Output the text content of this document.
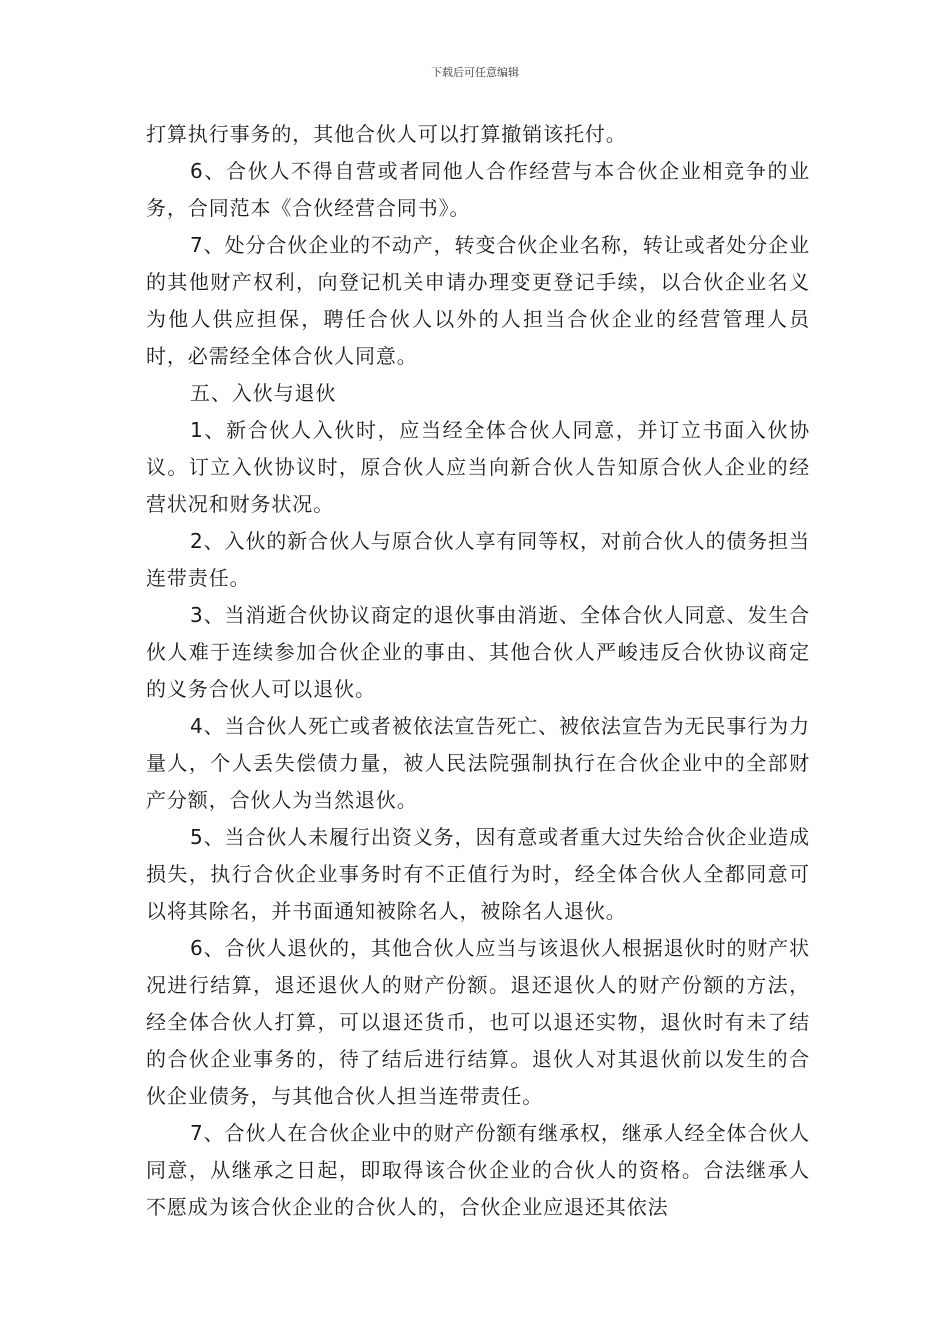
下载后可任意编辑

打算执行事务的，其他合伙人可以打算撤销该托付。

6、合伙人不得自营或者同他人合作经营与本合伙企业相竞争的业务，合同范本《合伙经营合同书》。

7、处分合伙企业的不动产，转变合伙企业名称，转让或者处分企业的其他财产权利，向登记机关申请办理变更登记手续，以合伙企业名义为他人供应担保，聘任合伙人以外的人担当合伙企业的经营管理人员时，必需经全体合伙人同意。

五、入伙与退伙

1、新合伙人入伙时，应当经全体合伙人同意，并订立书面入伙协议。订立入伙协议时，原合伙人应当向新合伙人告知原合伙人企业的经营状况和财务状况。

2、入伙的新合伙人与原合伙人享有同等权，对前合伙人的债务担当连带责任。

3、当消逝合伙协议商定的退伙事由消逝、全体合伙人同意、发生合伙人难于连续参加合伙企业的事由、其他合伙人严峻违反合伙协议商定的义务合伙人可以退伙。

4、当合伙人死亡或者被依法宣告死亡、被依法宣告为无民事行为力量人，个人丢失偿债力量，被人民法院强制执行在合伙企业中的全部财产分额，合伙人为当然退伙。

5、当合伙人未履行出资义务，因有意或者重大过失给合伙企业造成损失，执行合伙企业事务时有不正值行为时，经全体合伙人全都同意可以将其除名，并书面通知被除名人，被除名人退伙。

6、合伙人退伙的，其他合伙人应当与该退伙人根据退伙时的财产状况进行结算，退还退伙人的财产份额。退还退伙人的财产份额的方法，经全体合伙人打算，可以退还货币，也可以退还实物，退伙时有未了结的合伙企业事务的，待了结后进行结算。退伙人对其退伙前以发生的合伙企业债务，与其他合伙人担当连带责任。

7、合伙人在合伙企业中的财产份额有继承权，继承人经全体合伙人同意，从继承之日起，即取得该合伙企业的合伙人的资格。合法继承人不愿成为该合伙企业的合伙人的，合伙企业应退还其依法
